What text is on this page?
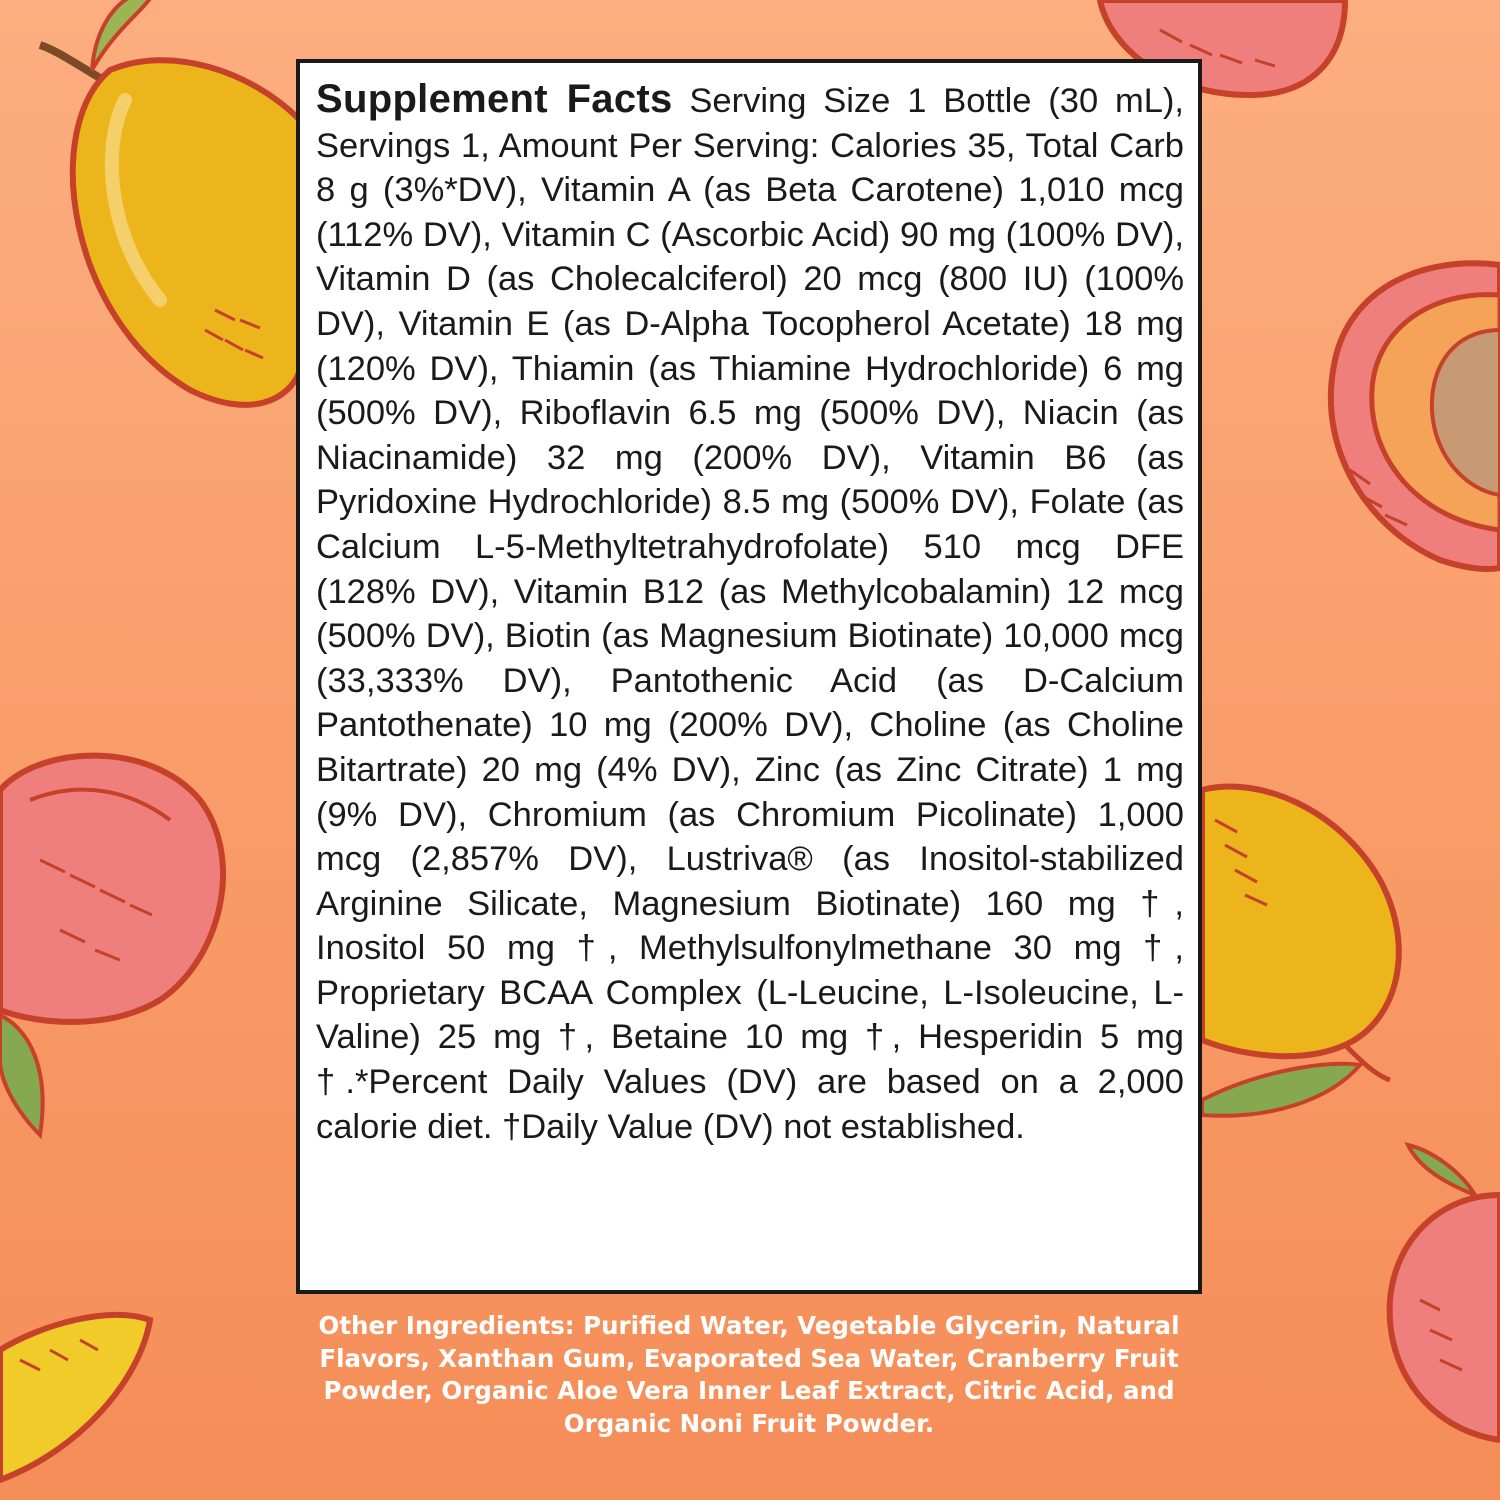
Supplement Facts Serving Size 1 Bottle (30 mL), Servings 1, Amount Per Serving: Calories 35, Total Carb 8 g (3%*DV), Vitamin A (as Beta Carotene) 1,010 mcg (112% DV), Vitamin C (Ascorbic Acid) 90 mg (100% DV), Vitamin D (as Cholecalciferol) 20 mcg (800 IU) (100% DV), Vitamin E (as D-Alpha Tocopherol Acetate) 18 mg (120% DV), Thiamin (as Thiamine Hydrochloride) 6 mg (500% DV), Riboflavin 6.5 mg (500% DV), Niacin (as Niacinamide) 32 mg (200% DV), Vitamin B6 (as Pyridoxine Hydrochloride) 8.5 mg (500% DV), Folate (as Calcium L-5-Methyltetrahydrofolate) 510 mcg DFE (128% DV), Vitamin B12 (as Methylcobalamin) 12 mcg (500% DV), Biotin (as Magnesium Biotinate) 10,000 mcg (33,333% DV), Pantothenic Acid (as D-Calcium Pantothenate) 10 mg (200% DV), Choline (as Choline Bitartrate) 20 mg (4% DV), Zinc (as Zinc Citrate) 1 mg (9% DV), Chromium (as Chromium Picolinate) 1,000 mcg (2,857% DV), Lustriva® (as Inositol-stabilized Arginine Silicate, Magnesium Biotinate) 160 mg †, Inositol 50 mg †, Methylsulfonylmethane 30 mg †, Proprietary BCAA Complex (L-Leucine, L-Isoleucine, L-Valine) 25 mg †, Betaine 10 mg †, Hesperidin 5 mg †.*Percent Daily Values (DV) are based on a 2,000 calorie diet. †Daily Value (DV) not established.

Other Ingredients: Purified Water, Vegetable Glycerin, Natural Flavors, Xanthan Gum, Evaporated Sea Water, Cranberry Fruit Powder, Organic Aloe Vera Inner Leaf Extract, Citric Acid, and Organic Noni Fruit Powder.
